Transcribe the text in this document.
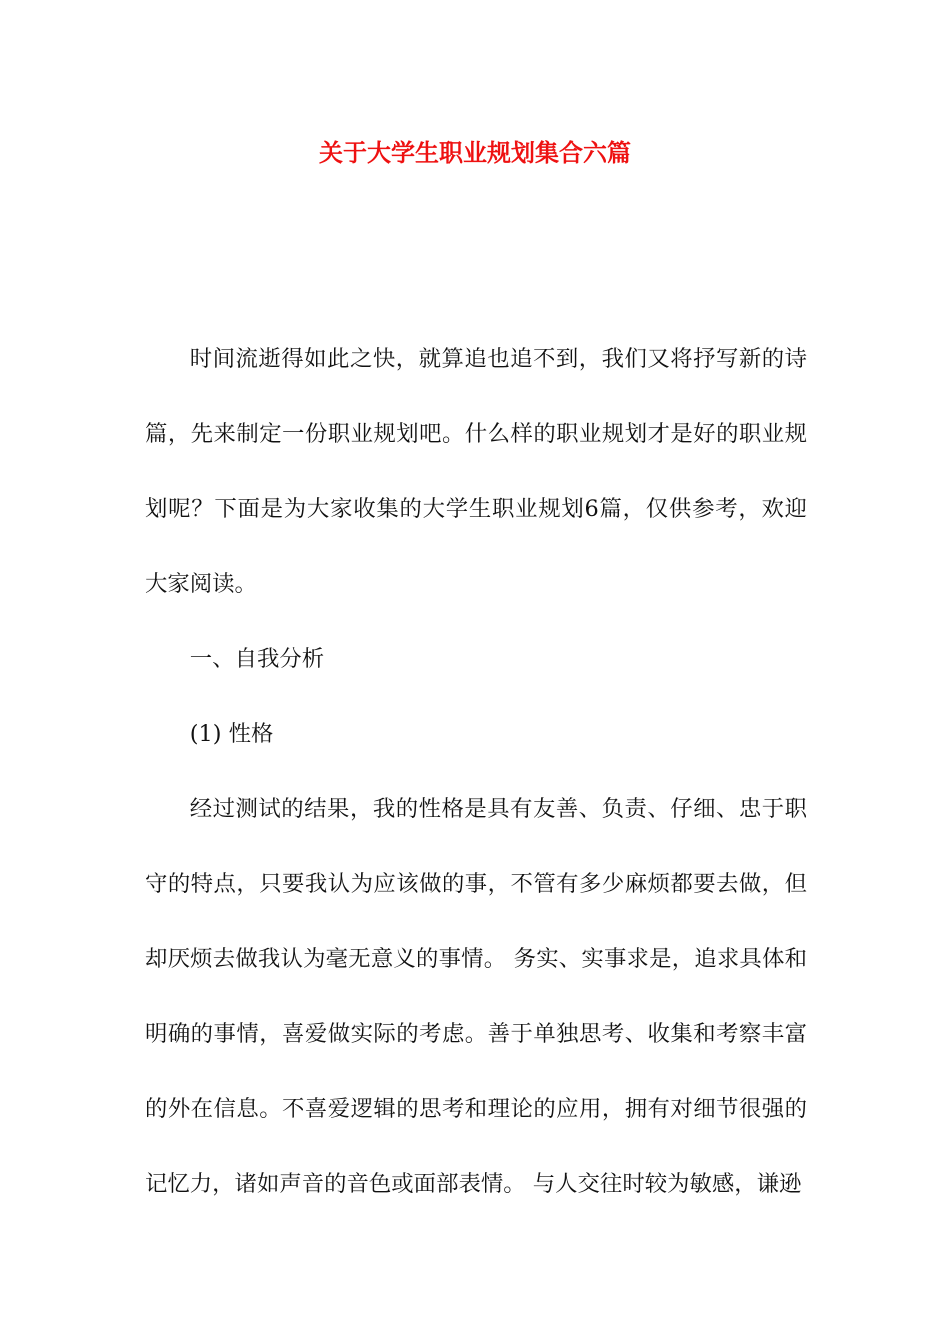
关于大学生职业规划集合六篇

时间流逝得如此之快，就算追也追不到，我们又将抒写新的诗篇，先来制定一份职业规划吧。什么样的职业规划才是好的职业规划呢？下面是为大家收集的大学生职业规划6篇，仅供参考，欢迎大家阅读。

一、自我分析

(1) 性格

经过测试的结果，我的性格是具有友善、负责、仔细、忠于职守的特点，只要我认为应该做的事，不管有多少麻烦都要去做，但却厌烦去做我认为毫无意义的事情。 务实、实事求是，追求具体和明确的事情，喜爱做实际的考虑。善于单独思考、收集和考察丰富的外在信息。不喜爱逻辑的思考和理论的应用，拥有对细节很强的记忆力，诸如声音的音色或面部表情。 与人交往时较为敏感，谦逊
